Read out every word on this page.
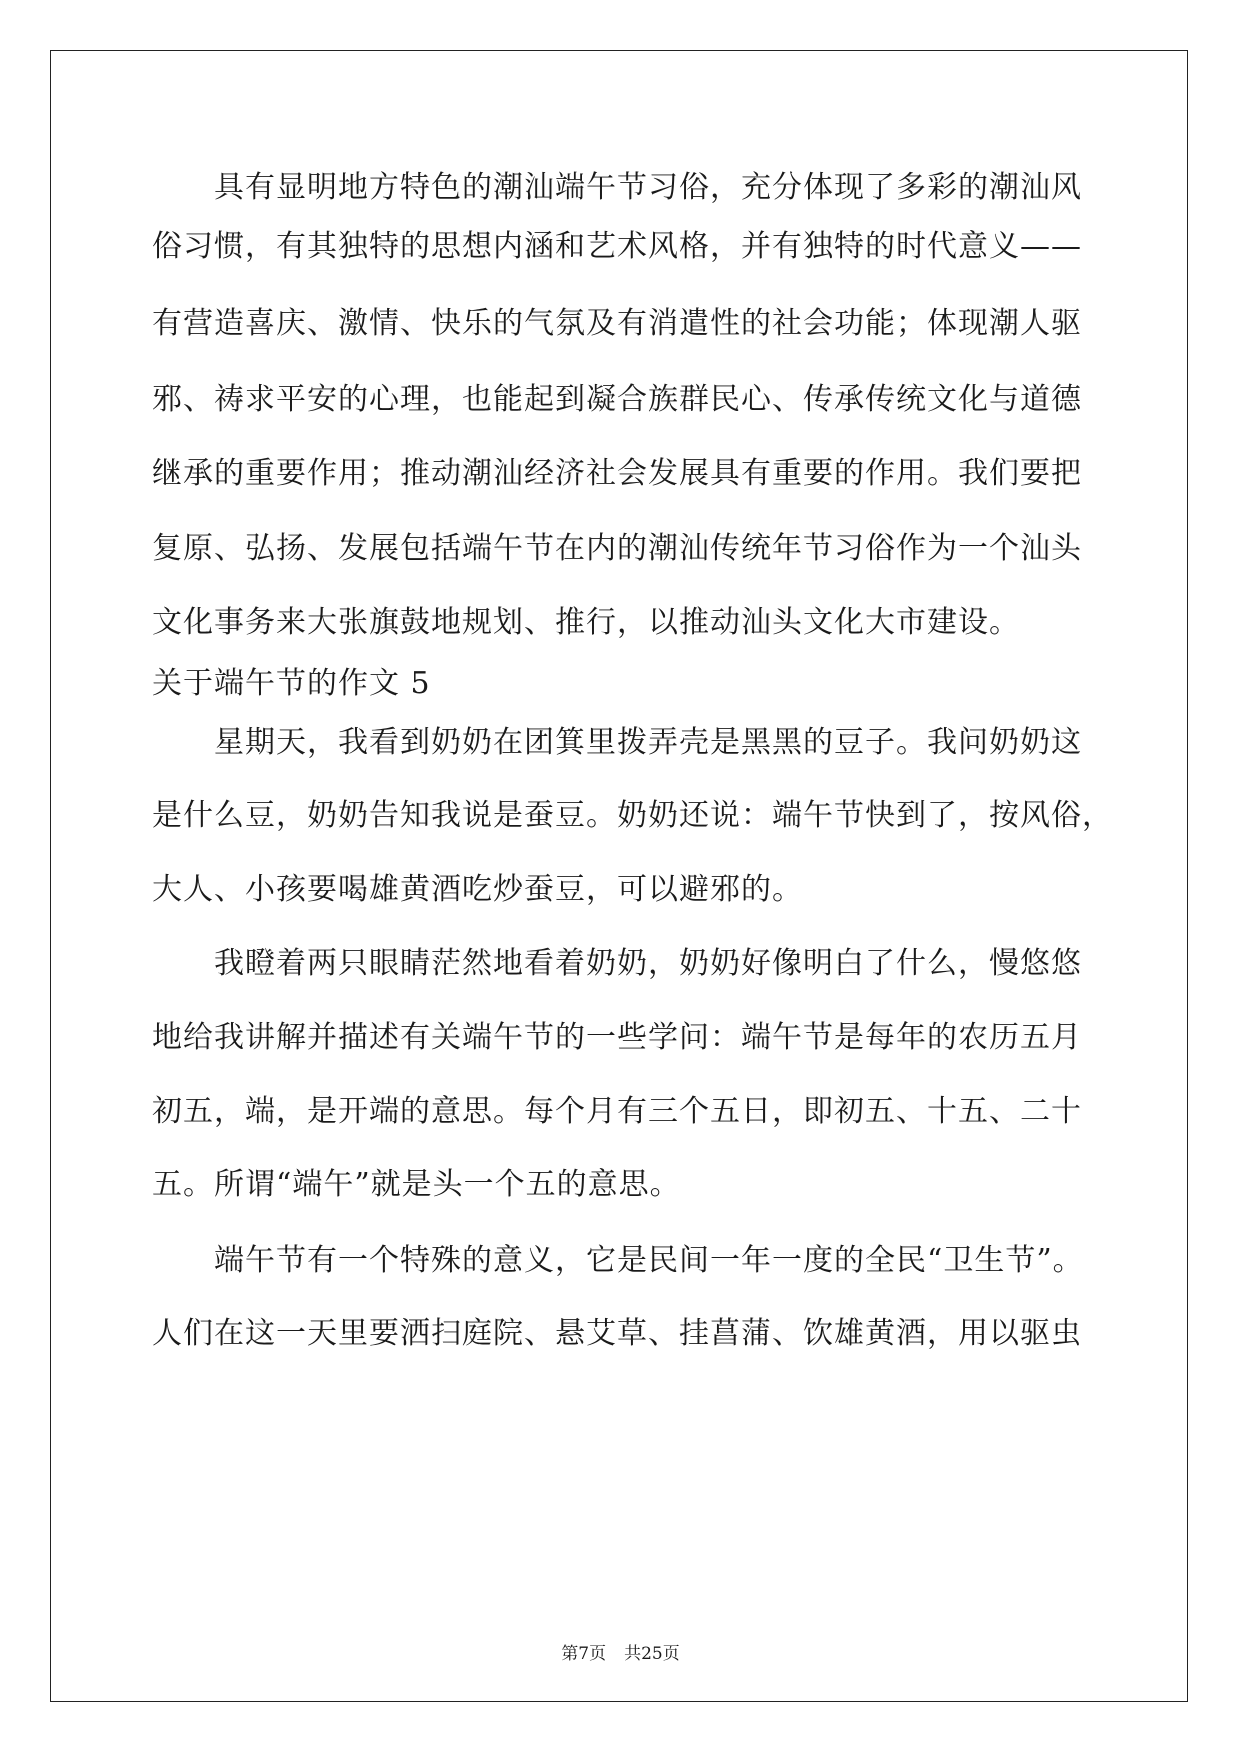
具有显明地方特色的潮汕端午节习俗，充分体现了多彩的潮汕风

俗习惯，有其独特的思想内涵和艺术风格，并有独特的时代意义——

有营造喜庆、激情、快乐的气氛及有消遣性的社会功能；体现潮人驱

邪、祷求平安的心理，也能起到凝合族群民心、传承传统文化与道德

继承的重要作用；推动潮汕经济社会发展具有重要的作用。我们要把

复原、弘扬、发展包括端午节在内的潮汕传统年节习俗作为一个汕头

文化事务来大张旗鼓地规划、推行，以推动汕头文化大市建设。

关于端午节的作文 5

星期天，我看到奶奶在团箕里拨弄壳是黑黑的豆子。我问奶奶这

是什么豆，奶奶告知我说是蚕豆。奶奶还说：端午节快到了，按风俗，

大人、小孩要喝雄黄酒吃炒蚕豆，可以避邪的。

我瞪着两只眼睛茫然地看着奶奶，奶奶好像明白了什么，慢悠悠

地给我讲解并描述有关端午节的一些学问：端午节是每年的农历五月

初五，端，是开端的意思。每个月有三个五日，即初五、十五、二十

五。所谓“端午”就是头一个五的意思。

端午节有一个特殊的意义，它是民间一年一度的全民“卫生节”。

人们在这一天里要洒扫庭院、悬艾草、挂菖蒲、饮雄黄酒，用以驱虫

第7页 共25页
